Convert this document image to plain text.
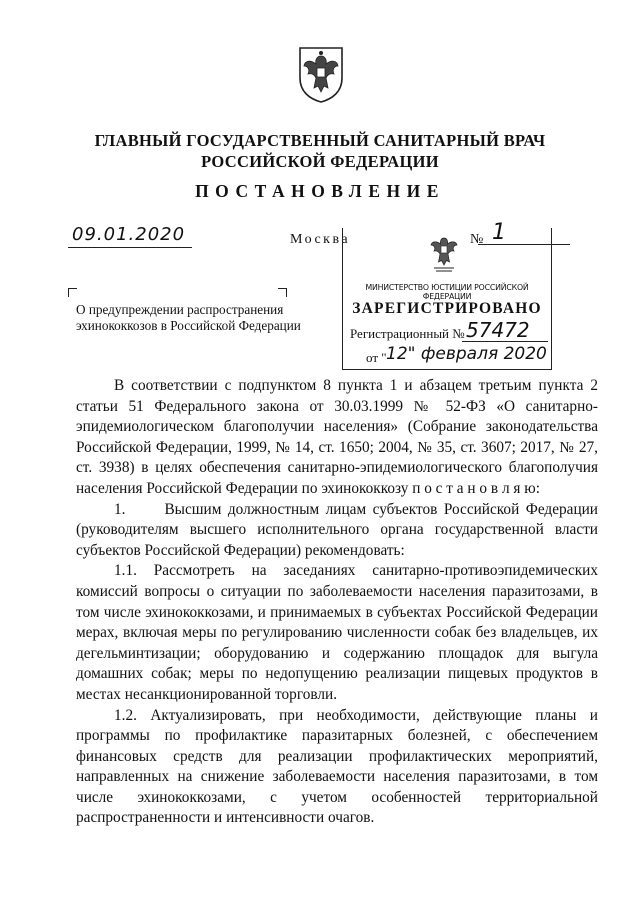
ГЛАВНЫЙ ГОСУДАРСТВЕННЫЙ САНИТАРНЫЙ ВРАЧ
РОССИЙСКОЙ ФЕДЕРАЦИИ
ПОСТАНОВЛЕНИЕ
09.01.2020	Москва	№ 1
МИНИСТЕРСТВО ЮСТИЦИИ РОССИЙСКОЙ ФЕДЕРАЦИИ
ЗАРЕГИСТРИРОВАНО
Регистрационный № 57472
от " 12" февраля 2020
О предупреждении распространения
эхинококкозов в Российской Федерации

В соответствии с подпунктом 8 пункта 1 и абзацем третьим пункта 2 статьи 51 Федерального закона от 30.03.1999 № 52-ФЗ «О санитарно-эпидемиологическом благополучии населения» (Собрание законодательства Российской Федерации, 1999, № 14, ст. 1650; 2004, № 35, ст. 3607; 2017, № 27, ст. 3938) в целях обеспечения санитарно-эпидемиологического благополучия населения Российской Федерации по эхинококкозу п о с т а н о в л я ю:

1.      Высшим должностным лицам субъектов Российской Федерации (руководителям высшего исполнительного органа государственной власти субъектов Российской Федерации) рекомендовать:

1.1. Рассмотреть на заседаниях санитарно-противоэпидемических комиссий вопросы о ситуации по заболеваемости населения паразитозами, в том числе эхинококкозами, и принимаемых в субъектах Российской Федерации мерах, включая меры по регулированию численности собак без владельцев, их дегельминтизации; оборудованию и содержанию площадок для выгула домашних собак; меры по недопущению реализации пищевых продуктов в местах несанкционированной торговли.

1.2. Актуализировать, при необходимости, действующие планы и программы по профилактике паразитарных болезней, с обеспечением финансовых средств для реализации профилактических мероприятий, направленных на снижение заболеваемости населения паразитозами, в том числе эхинококкозами, с учетом особенностей территориальной распространенности и интенсивности очагов.
